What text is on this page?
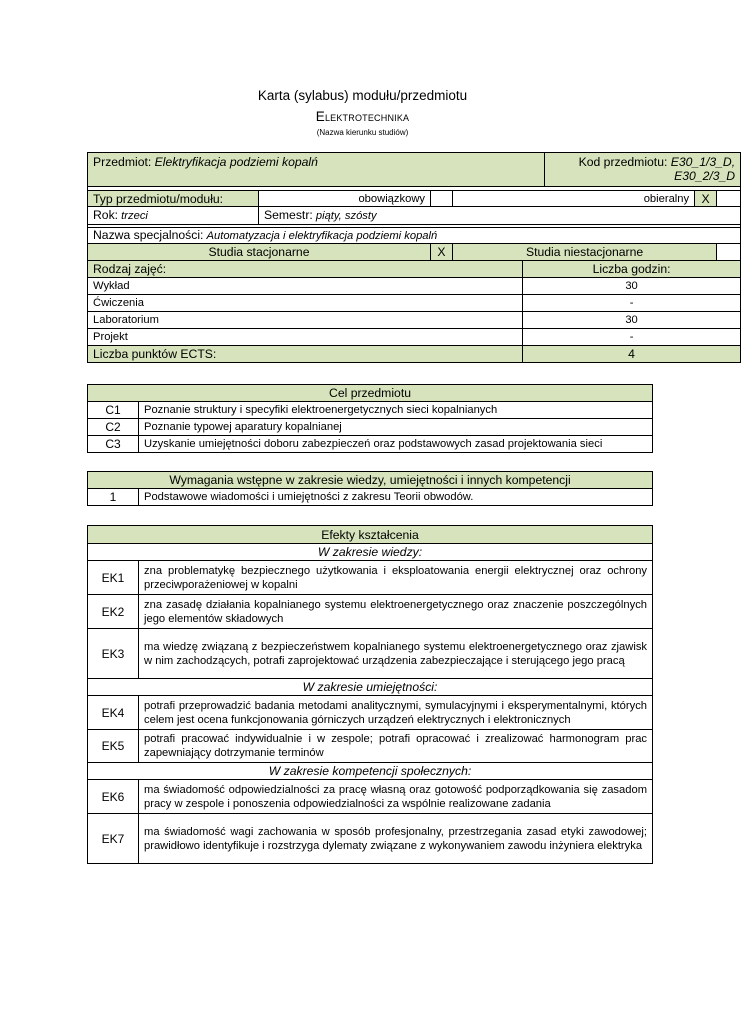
Karta (sylabus) modułu/przedmiotu
Elektrotechnika
(Nazwa kierunku studiów)
Przedmiot: Elektryfikacja podziemi kopalń					Kod przedmiotu: E30_1/3_D,
E30_2/3_D		

Typ przedmiotu/modułu:	obowiązkowy		obieralny			X	
Rok: trzeci	Semestr: piąty, szósty						

Nazwa specjalności: Automatyzacja i elektryfikacja podziemi kopalń							
Studia stacjonarne		X	Studia niestacjonarne				
Rodzaj zajęć:				Liczba godzin:			
Wykład				30			
Ćwiczenia				-			
Laboratorium				30			
Projekt				-			
Liczba punktów ECTS:				4			
Cel przedmiotu	
C1	Poznanie struktury i specyfiki elektroenergetycznych sieci kopalnianych
C2	Poznanie typowej aparatury kopalnianej
C3	Uzyskanie umiejętności doboru zabezpieczeń oraz podstawowych zasad projektowania sieci
Wymagania wstępne w zakresie wiedzy, umiejętności i innych kompetencji
1	Podstawowe wiadomości i umiejętności z zakresu Teorii obwodów.
Efekty kształcenia	
W zakresie wiedzy:	
EK1	zna problematykę bezpiecznego użytkowania i eksploatowania energii elektrycznej oraz ochrony przeciwporażeniowej w kopalni
EK2	zna zasadę działania kopalnianego systemu elektroenergetycznego oraz znaczenie poszczególnych jego elementów składowych
EK3	ma wiedzę związaną z bezpieczeństwem kopalnianego systemu elektroenergetycznego oraz zjawisk w nim zachodzących, potrafi zaprojektować urządzenia zabezpieczające i sterującego jego pracą
W zakresie umiejętności:	
EK4	potrafi przeprowadzić badania metodami analitycznymi, symulacyjnymi i eksperymentalnymi, których celem jest ocena funkcjonowania górniczych urządzeń elektrycznych i elektronicznych
EK5	potrafi pracować indywidualnie i w zespole; potrafi opracować i zrealizować harmonogram prac zapewniający dotrzymanie terminów
W zakresie kompetencji społecznych:	
EK6	ma świadomość odpowiedzialności za pracę własną oraz gotowość podporządkowania się zasadom pracy w zespole i ponoszenia odpowiedzialności za wspólnie realizowane zadania
EK7	ma świadomość wagi zachowania w sposób profesjonalny, przestrzegania zasad etyki zawodowej; prawidłowo identyfikuje i rozstrzyga dylematy związane z wykonywaniem zawodu inżyniera elektryka
